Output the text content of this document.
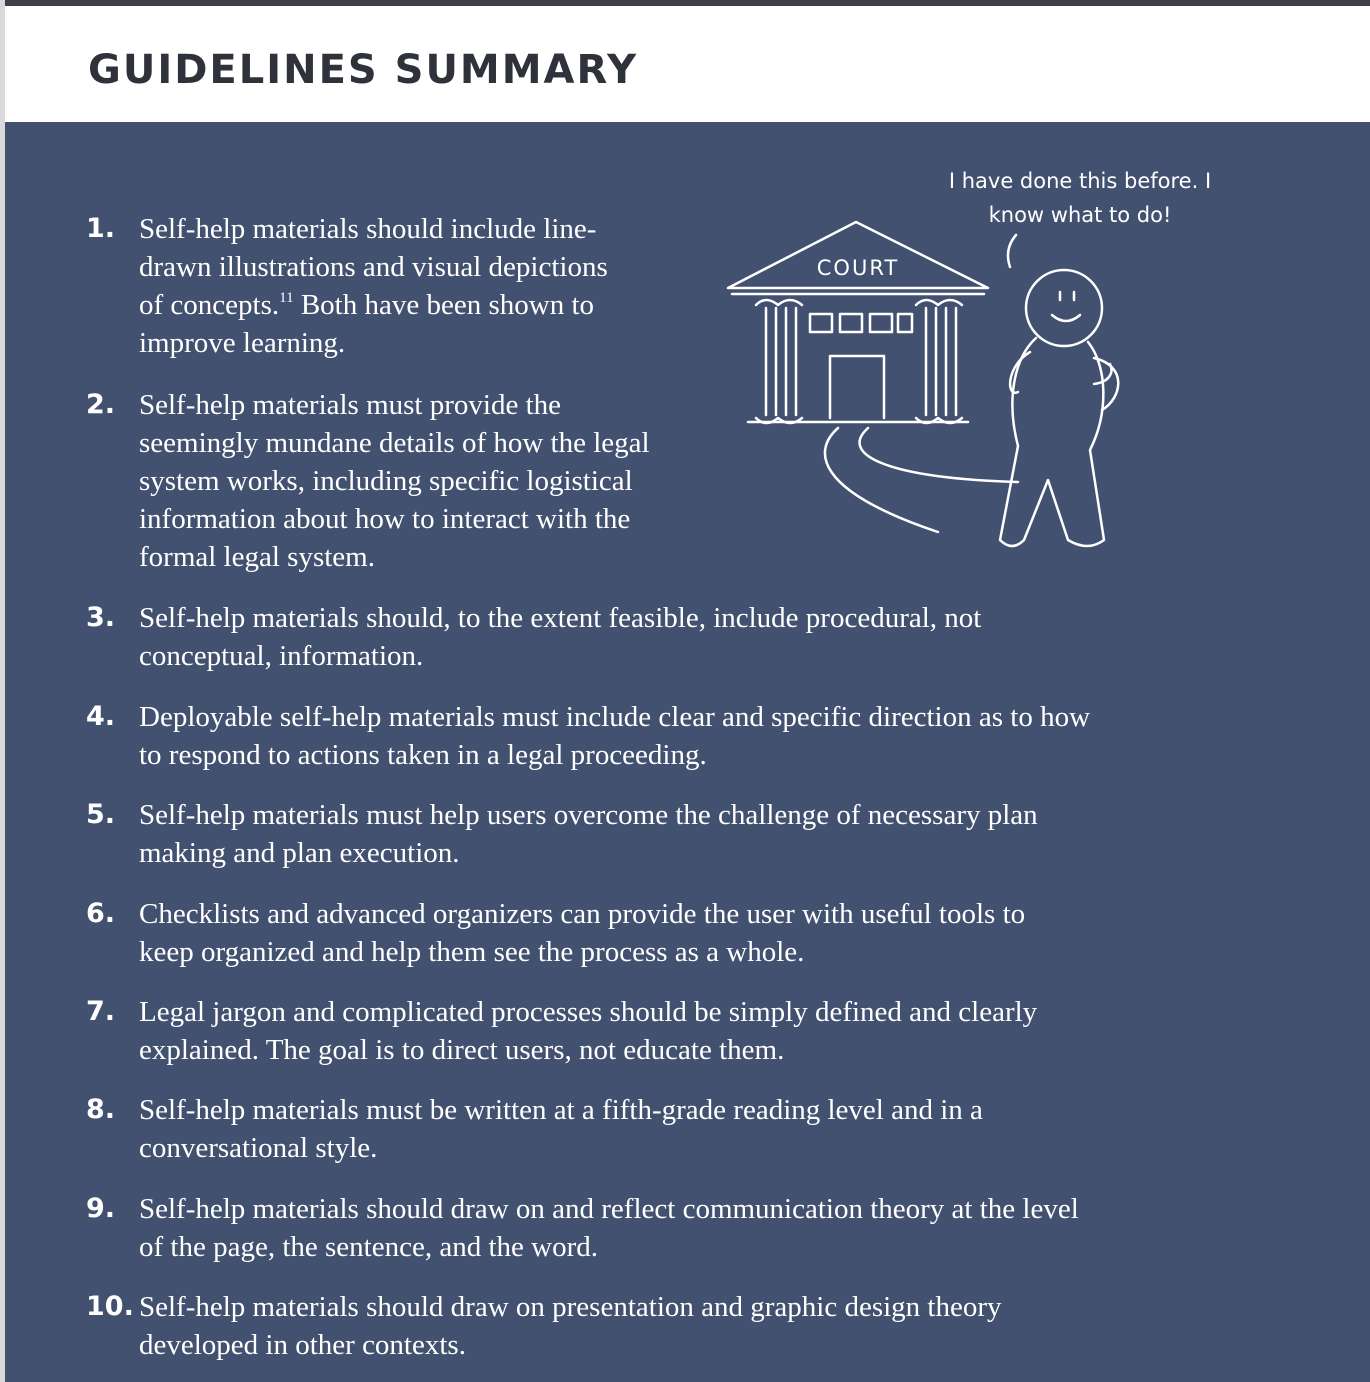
GUIDELINES SUMMARY
COURT
I have done this before. I
know what to do!
1. Self-help materials should include line-
drawn illustrations and visual depictions
of concepts.$^{11}$ Both have been shown to
improve learning.
2. Self-help materials must provide the
seemingly mundane details of how the legal
system works, including specific logistical
information about how to interact with the
formal legal system.
3. Self-help materials should, to the extent feasible, include procedural, not
conceptual, information.
4. Deployable self-help materials must include clear and specific direction as to how
to respond to actions taken in a legal proceeding.
5. Self-help materials must help users overcome the challenge of necessary plan
making and plan execution.
6. Checklists and advanced organizers can provide the user with useful tools to
keep organized and help them see the process as a whole.
7. Legal jargon and complicated processes should be simply defined and clearly
explained. The goal is to direct users, not educate them.
8. Self-help materials must be written at a fifth-grade reading level and in a
conversational style.
9. Self-help materials should draw on and reflect communication theory at the level
of the page, the sentence, and the word.
10. Self-help materials should draw on presentation and graphic design theory
developed in other contexts.
